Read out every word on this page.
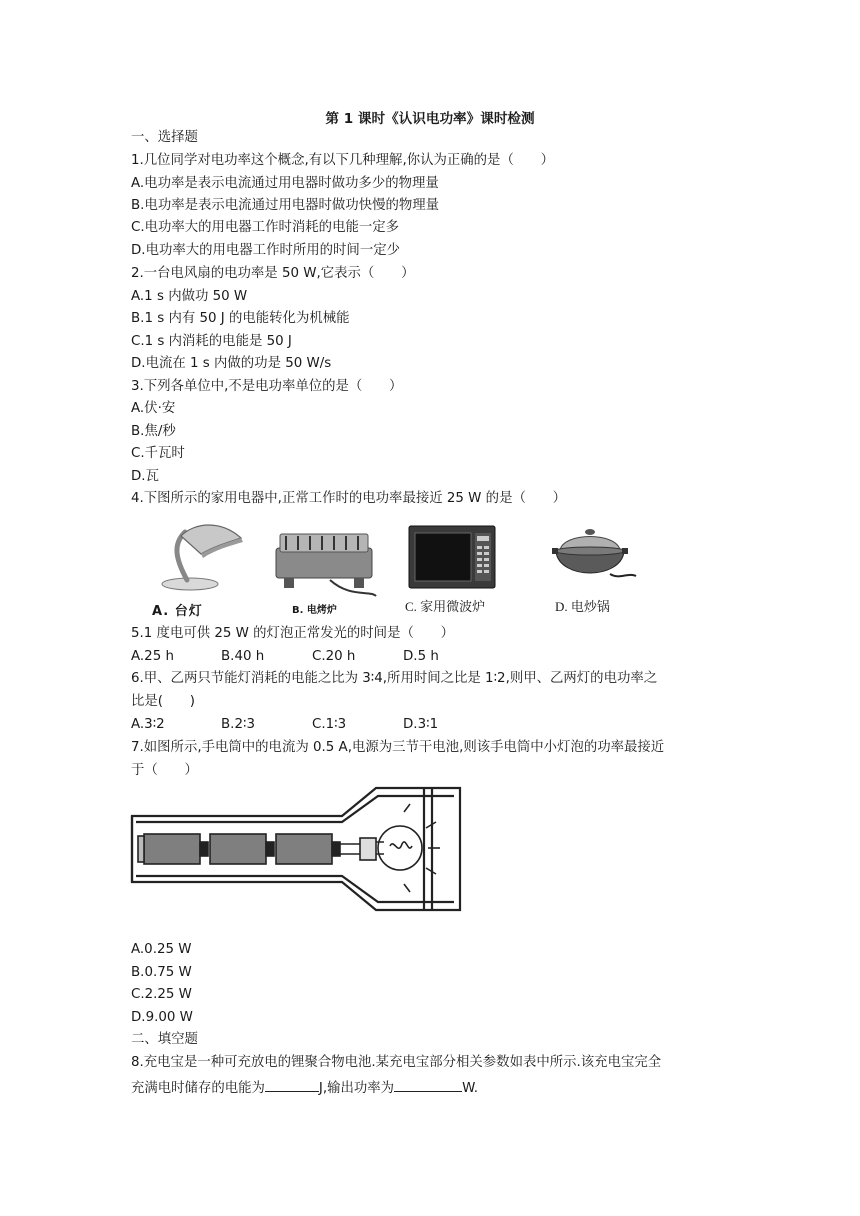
第 1 课时《认识电功率》课时检测
一、选择题
1.几位同学对电功率这个概念,有以下几种理解,你认为正确的是（　　）
A.电功率是表示电流通过用电器时做功多少的物理量
B.电功率是表示电流通过用电器时做功快慢的物理量
C.电功率大的用电器工作时消耗的电能一定多
D.电功率大的用电器工作时所用的时间一定少
2.一台电风扇的电功率是 50 W,它表示（　　）
A.1 s 内做功 50 W
B.1 s 内有 50 J 的电能转化为机械能
C.1 s 内消耗的电能是 50 J
D.电流在 1 s 内做的功是 50 W/s
3.下列各单位中,不是电功率单位的是（　　）
A.伏·安
B.焦/秒
C.千瓦时
D.瓦
4.下图所示的家用电器中,正常工作时的电功率最接近 25 W 的是（　　）
A. 台灯	B. 电烤炉	C. 家用微波炉	D. 电炒锅
5.1 度电可供 25 W 的灯泡正常发光的时间是（　　）
A.25 h	B.40 h	C.20 h	D.5 h
6.甲、乙两只节能灯消耗的电能之比为 3∶4,所用时间之比是 1∶2,则甲、乙两灯的电功率之
比是(　　)
A.3∶2	B.2∶3	C.1∶3	D.3∶1
7.如图所示,手电筒中的电流为 0.5 A,电源为三节干电池,则该手电筒中小灯泡的功率最接近
于（　　）
A.0.25 W
B.0.75 W
C.2.25 W
D.9.00 W
二、填空题
8.充电宝是一种可充放电的锂聚合物电池.某充电宝部分相关参数如表中所示.该充电宝完全
充满电时储存的电能为	J,输出功率为	W.
